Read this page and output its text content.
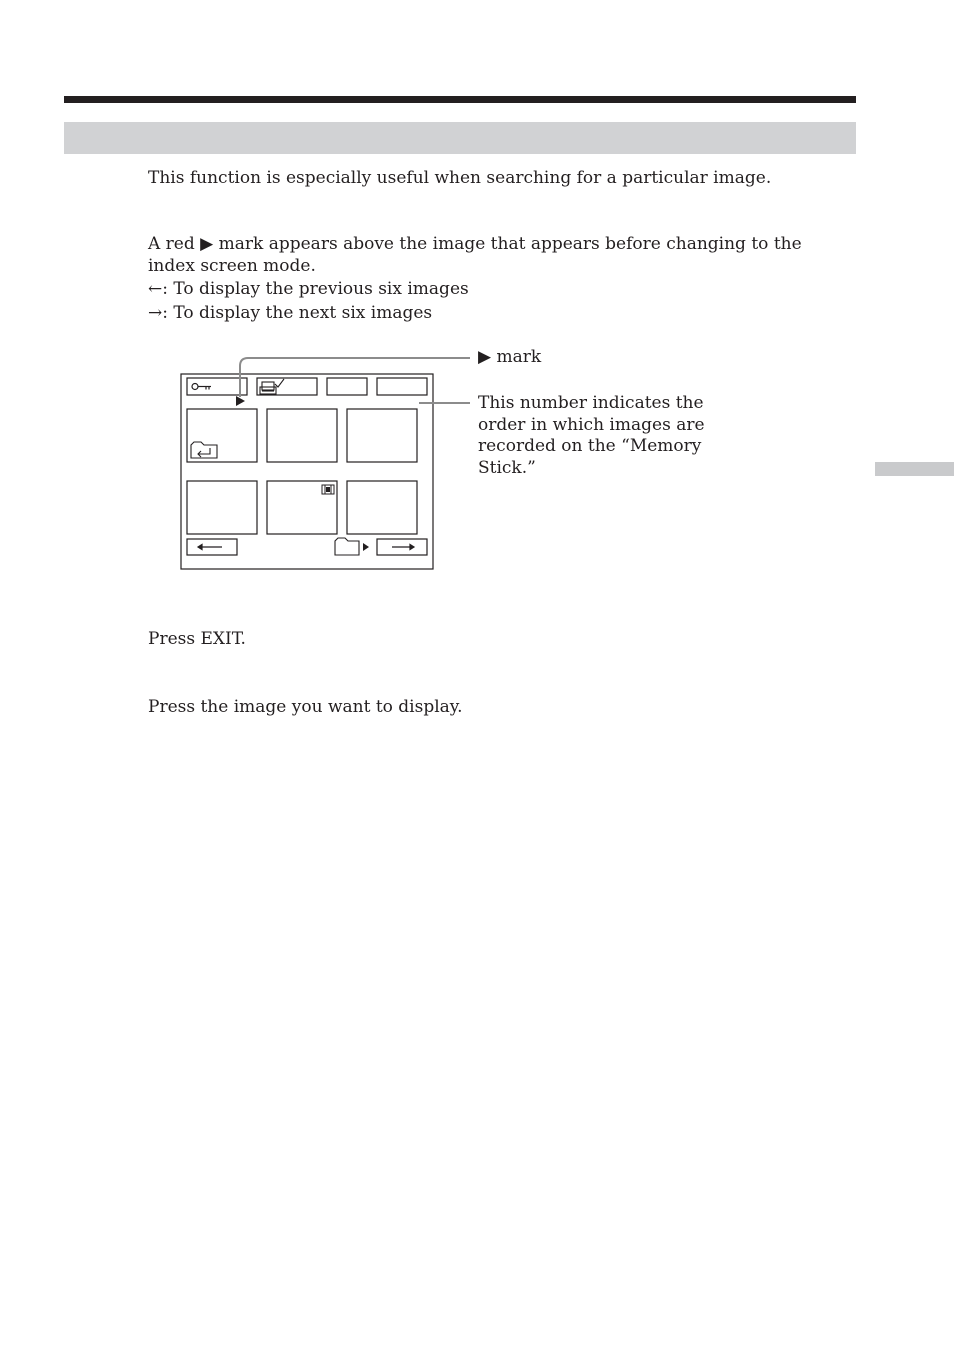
This function is especially useful when searching for a particular image.
A red ▶ mark appears above the image that appears before changing to the index screen mode.
←: To display the previous six images
→: To display the next six images
▶ mark
This number indicates the order in which images are recorded on the “Memory Stick.”
Press EXIT.
Press the image you want to display.
